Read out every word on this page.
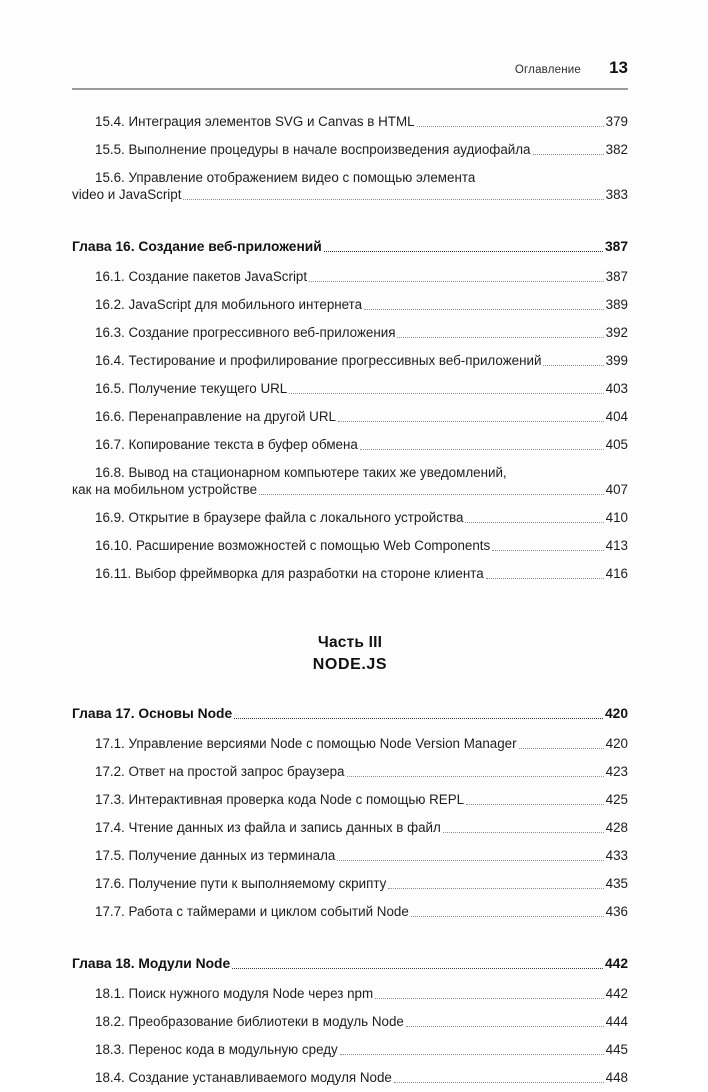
Оглавление 13
15.4. Интеграция элементов SVG и Canvas в HTML	379
15.5. Выполнение процедуры в начале воспроизведения аудиофайла	382
15.6. Управление отображением видео с помощью элемента
video и JavaScript	383
Глава 16. Создание веб-приложений	387
16.1. Создание пакетов JavaScript	387
16.2. JavaScript для мобильного интернета	389
16.3. Создание прогрессивного веб-приложения	392
16.4. Тестирование и профилирование прогрессивных веб-приложений	399
16.5. Получение текущего URL	403
16.6. Перенаправление на другой URL	404
16.7. Копирование текста в буфер обмена	405
16.8. Вывод на стационарном компьютере таких же уведомлений,
как на мобильном устройстве	407
16.9. Открытие в браузере файла с локального устройства	410
16.10. Расширение возможностей с помощью Web Components	413
16.11. Выбор фреймворка для разработки на стороне клиента	416
Часть III
NODE.JS
Глава 17. Основы Node	420
17.1. Управление версиями Node с помощью Node Version Manager	420
17.2. Ответ на простой запрос браузера	423
17.3. Интерактивная проверка кода Node с помощью REPL	425
17.4. Чтение данных из файла и запись данных в файл	428
17.5. Получение данных из терминала	433
17.6. Получение пути к выполняемому скрипту	435
17.7. Работа с таймерами и циклом событий Node	436
Глава 18. Модули Node	442
18.1. Поиск нужного модуля Node через npm	442
18.2. Преобразование библиотеки в модуль Node	444
18.3. Перенос кода в модульную среду	445
18.4. Создание устанавливаемого модуля Node	448
